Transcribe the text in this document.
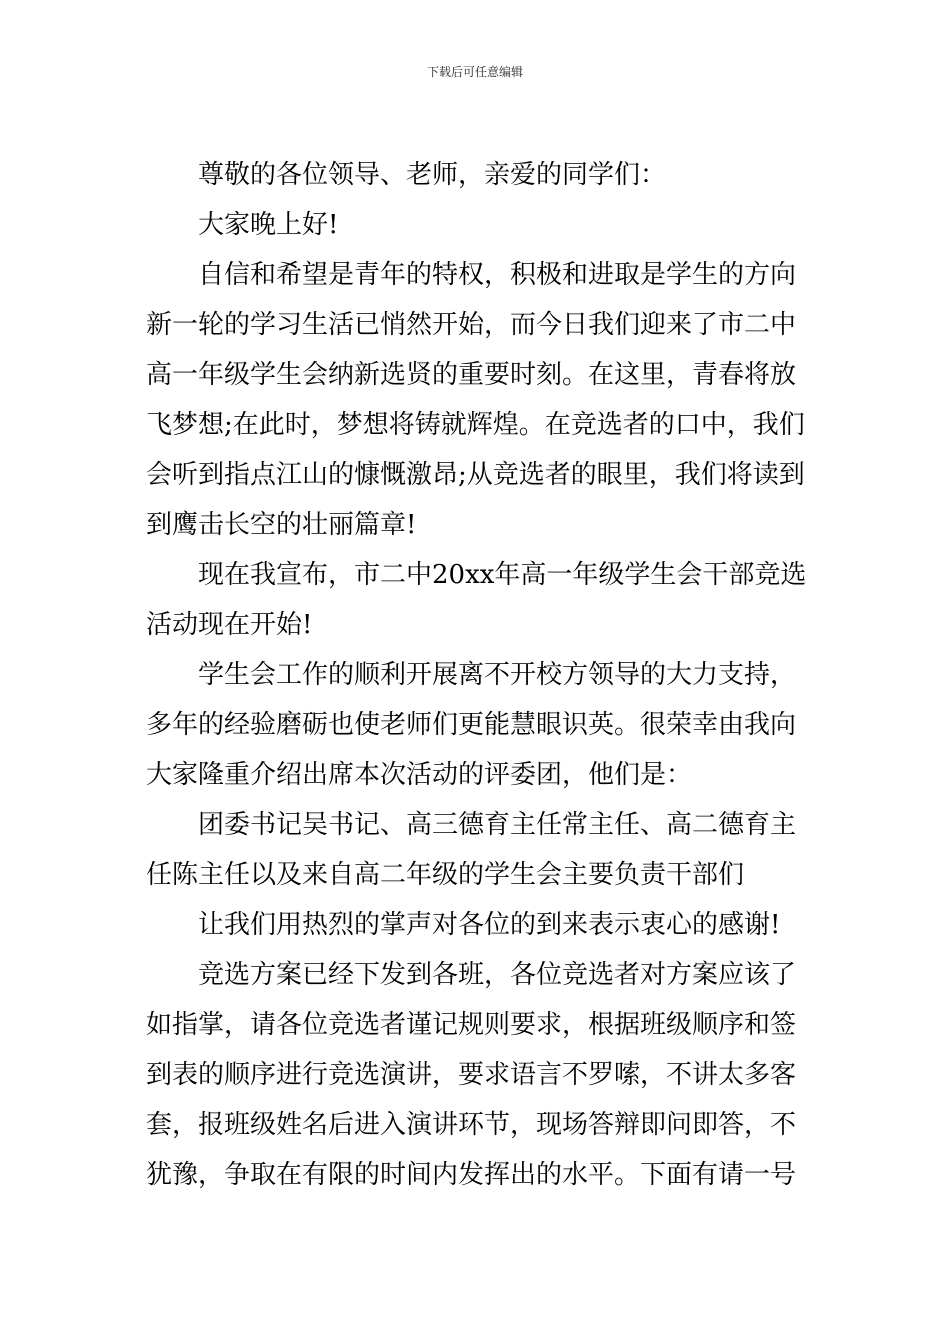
下载后可任意编辑
尊敬的各位领导、老师，亲爱的同学们：
大家晚上好!
自信和希望是青年的特权，积极和进取是学生的方向
新一轮的学习生活已悄然开始，而今日我们迎来了市二中
高一年级学生会纳新选贤的重要时刻。在这里，青春将放
飞梦想;在此时，梦想将铸就辉煌。在竞选者的口中，我们
会听到指点江山的慷慨激昂;从竞选者的眼里，我们将读到
到鹰击长空的壮丽篇章!
现在我宣布，市二中20xx年高一年级学生会干部竞选
活动现在开始!
学生会工作的顺利开展离不开校方领导的大力支持，
多年的经验磨砺也使老师们更能慧眼识英。很荣幸由我向
大家隆重介绍出席本次活动的评委团，他们是：
团委书记吴书记、高三德育主任常主任、高二德育主
任陈主任以及来自高二年级的学生会主要负责干部们
让我们用热烈的掌声对各位的到来表示衷心的感谢!
竞选方案已经下发到各班，各位竞选者对方案应该了
如指掌，请各位竞选者谨记规则要求，根据班级顺序和签
到表的顺序进行竞选演讲，要求语言不罗嗦，不讲太多客
套，报班级姓名后进入演讲环节，现场答辩即问即答，不
犹豫，争取在有限的时间内发挥出的水平。下面有请一号
